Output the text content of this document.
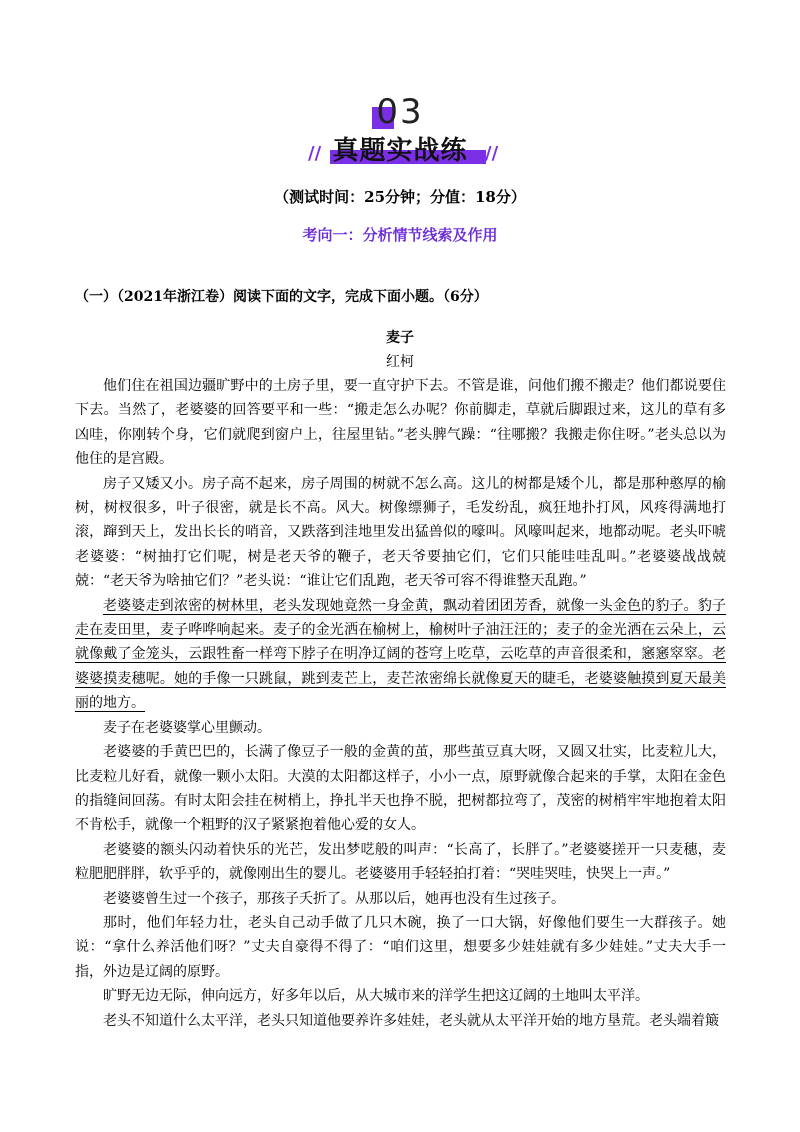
03
// 真题实战练 //
（测试时间：25分钟；分值：18分）
考向一：分析情节线索及作用
（一）（2021年浙江卷）阅读下面的文字，完成下面小题。（6分）
麦子
红柯

他们住在祖国边疆旷野中的土房子里，要一直守护下去。不管是谁，问他们搬不搬走？他们都说要住下去。当然了，老婆婆的回答要平和一些：“搬走怎么办呢？你前脚走，草就后脚跟过来，这儿的草有多凶哇，你刚转个身，它们就爬到窗户上，往屋里钻。”老头脾气躁：“往哪搬？我搬走你住呀。”老头总以为他住的是宫殿。

房子又矮又小。房子高不起来，房子周围的树就不怎么高。这儿的树都是矮个儿，都是那种憨厚的榆树，树杈很多，叶子很密，就是长不高。风大。树像缥狮子，毛发纷乱，疯狂地扑打风，风疼得满地打滚，蹿到天上，发出长长的哨音，又跌落到洼地里发出猛兽似的嚎叫。风嚎叫起来，地都动呢。老头吓唬老婆婆：“树抽打它们呢，树是老天爷的鞭子，老天爷要抽它们，它们只能哇哇乱叫。”老婆婆战战兢兢：“老天爷为啥抽它们？”老头说：“谁让它们乱跑，老天爷可容不得谁整天乱跑。”

老婆婆走到浓密的树林里，老头发现她竟然一身金黄，飘动着团团芳香，就像一头金色的豹子。豹子走在麦田里，麦子哗哗响起来。麦子的金光洒在榆树上，榆树叶子油汪汪的；麦子的金光洒在云朵上，云就像戴了金笼头，云跟牲畜一样弯下脖子在明净辽阔的苍穹上吃草，云吃草的声音很柔和，窸窸窣窣。老婆婆摸麦穗呢。她的手像一只跳鼠，跳到麦芒上，麦芒浓密绵长就像夏天的睫毛，老婆婆触摸到夏天最美丽的地方。

麦子在老婆婆掌心里颤动。

老婆婆的手黄巴巴的，长满了像豆子一般的金黄的茧，那些茧豆真大呀，又圆又壮实，比麦粒儿大，比麦粒儿好看，就像一颗小太阳。大漠的太阳都这样子，小小一点，原野就像合起来的手掌，太阳在金色的指缝间回荡。有时太阳会挂在树梢上，挣扎半天也挣不脱，把树都拉弯了，茂密的树梢牢牢地抱着太阳不肯松手，就像一个粗野的汉子紧紧抱着他心爱的女人。

老婆婆的额头闪动着快乐的光芒，发出梦呓般的叫声：“长高了，长胖了。”老婆婆搓开一只麦穗，麦粒肥肥胖胖，软乎乎的，就像刚出生的婴儿。老婆婆用手轻轻拍打着：“哭哇哭哇，快哭上一声。”

老婆婆曾生过一个孩子，那孩子夭折了。从那以后，她再也没有生过孩子。

那时，他们年轻力壮，老头自己动手做了几只木碗，换了一口大锅，好像他们要生一大群孩子。她说：“拿什么养活他们呀？”丈夫自豪得不得了：“咱们这里，想要多少娃娃就有多少娃娃。”丈夫大手一指，外边是辽阔的原野。

旷野无边无际，伸向远方，好多年以后，从大城市来的洋学生把这辽阔的土地叫太平洋。

老头不知道什么太平洋，老头只知道他要养许多娃娃，老头就从太平洋开始的地方垦荒。老头端着簸
